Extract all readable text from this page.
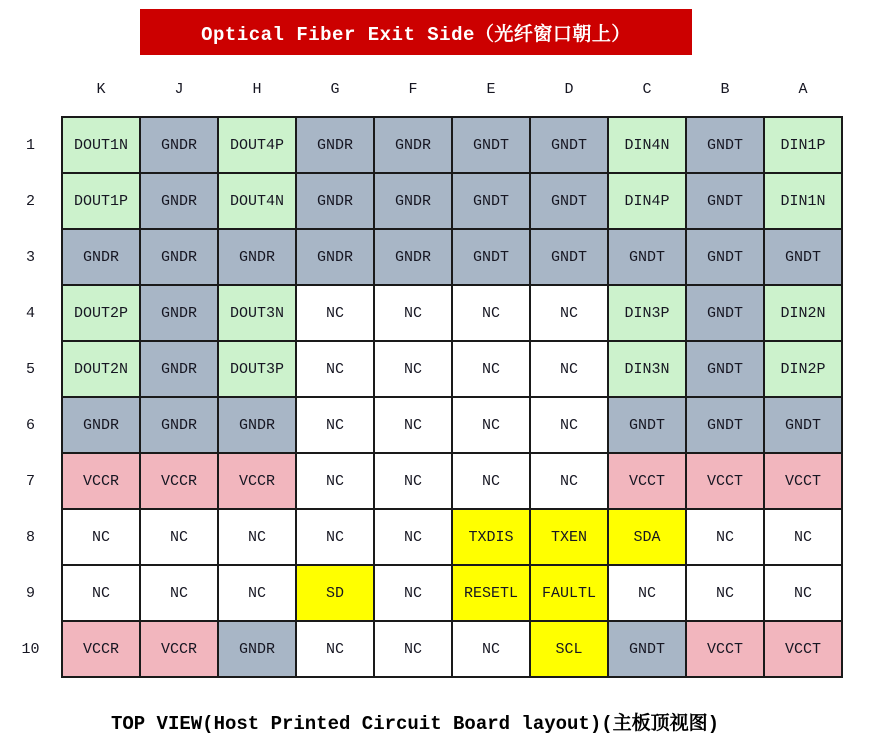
Optical Fiber Exit Side（光纤窗口朝上）
	K	J	H	G	F	E	D	C	B	A
1	DOUT1N	GNDR	DOUT4P	GNDR	GNDR	GNDT	GNDT	DIN4N	GNDT	DIN1P
2	DOUT1P	GNDR	DOUT4N	GNDR	GNDR	GNDT	GNDT	DIN4P	GNDT	DIN1N
3	GNDR	GNDR	GNDR	GNDR	GNDR	GNDT	GNDT	GNDT	GNDT	GNDT
4	DOUT2P	GNDR	DOUT3N	NC	NC	NC	NC	DIN3P	GNDT	DIN2N
5	DOUT2N	GNDR	DOUT3P	NC	NC	NC	NC	DIN3N	GNDT	DIN2P
6	GNDR	GNDR	GNDR	NC	NC	NC	NC	GNDT	GNDT	GNDT
7	VCCR	VCCR	VCCR	NC	NC	NC	NC	VCCT	VCCT	VCCT
8	NC	NC	NC	NC	NC	TXDIS	TXEN	SDA	NC	NC
9	NC	NC	NC	SD	NC	RESETL	FAULTL	NC	NC	NC
10	VCCR	VCCR	GNDR	NC	NC	NC	SCL	GNDT	VCCT	VCCT
TOP VIEW(Host Printed Circuit Board layout)(主板顶视图)
